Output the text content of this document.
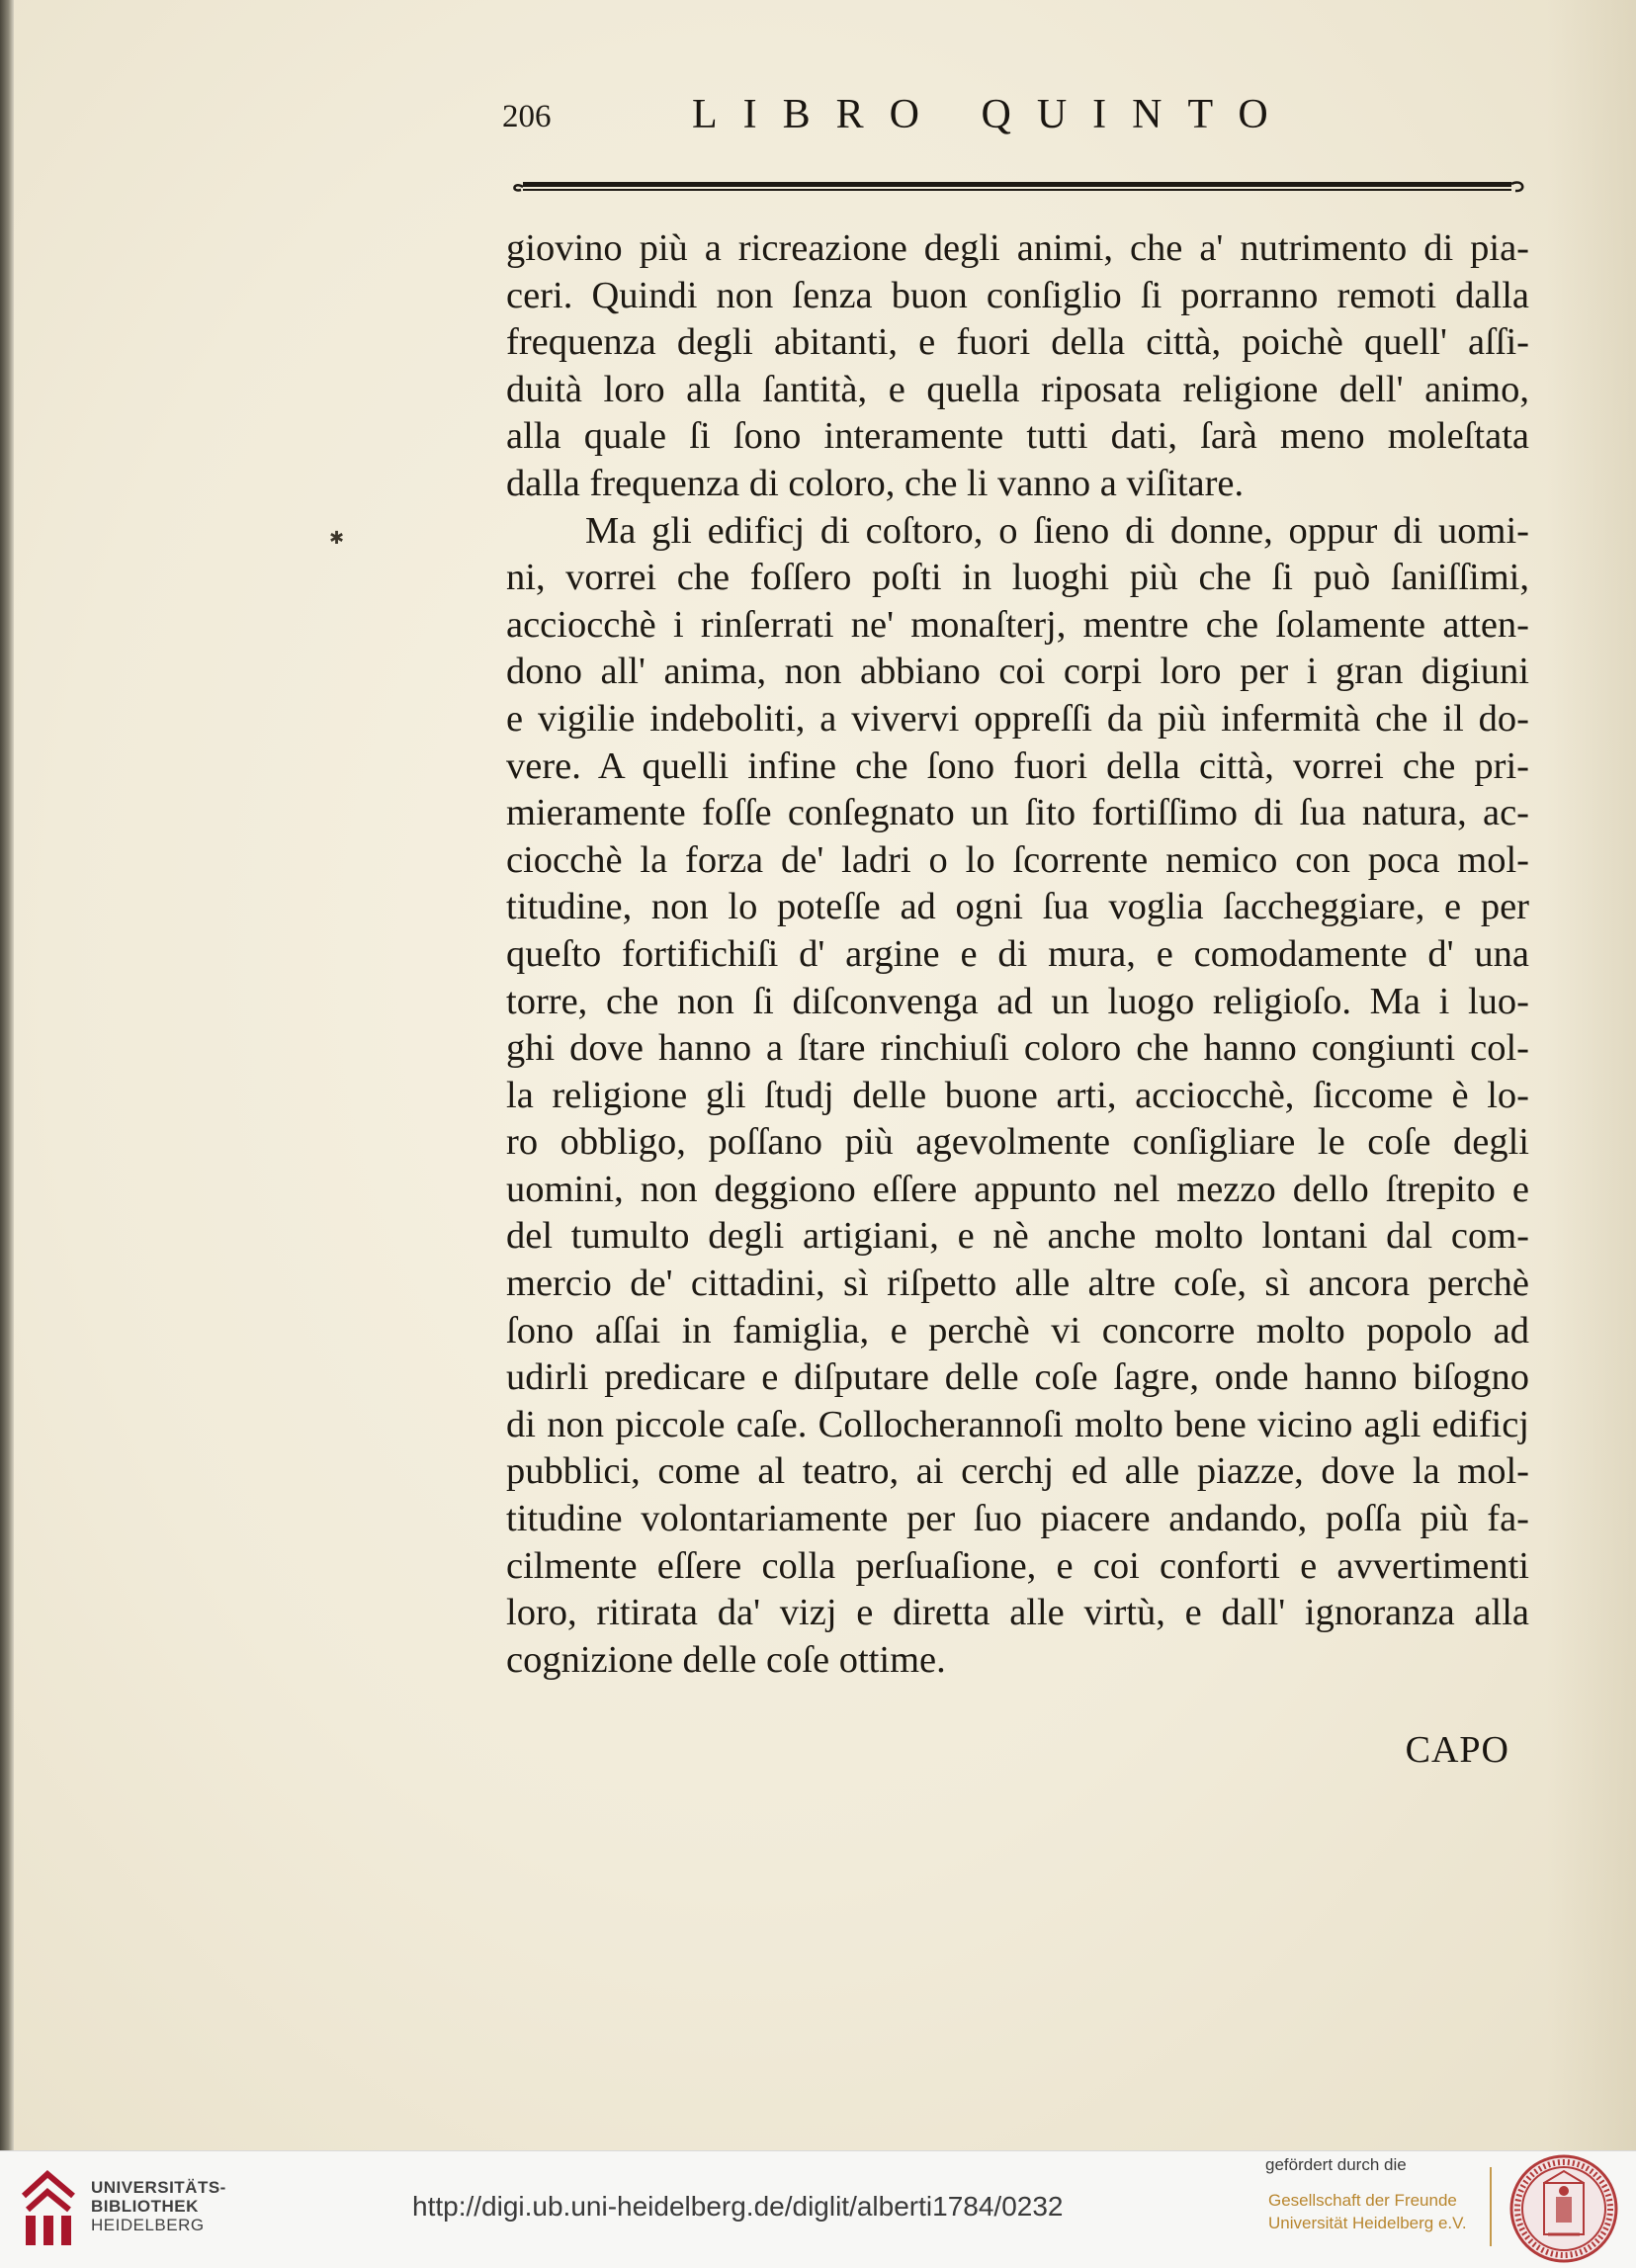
206	LIBRO QUINTO
✱
giovino più a ricreazione degli animi, che a' nutrimento di pia-
ceri. Quindi non ſenza buon conſiglio ſi porranno remoti dalla
frequenza degli abitanti, e fuori della città, poichè quell' aſſi-
duità loro alla ſantità, e quella riposata religione dell' animo,
alla quale ſi ſono interamente tutti dati, ſarà meno moleſtata
dalla frequenza di coloro, che li vanno a viſitare.
Ma gli edificj di coſtoro, o ſieno di donne, oppur di uomi-
ni, vorrei che foſſero poſti in luoghi più che ſi può ſaniſſimi,
acciocchè i rinſerrati ne' monaſterj, mentre che ſolamente atten-
dono all' anima, non abbiano coi corpi loro per i gran digiuni
e vigilie indeboliti, a vivervi oppreſſi da più infermità che il do-
vere. A quelli infine che ſono fuori della città, vorrei che pri-
mieramente foſſe conſegnato un ſito fortiſſimo di ſua natura, ac-
ciocchè la forza de' ladri o lo ſcorrente nemico con poca mol-
titudine, non lo poteſſe ad ogni ſua voglia ſaccheggiare, e per
queſto fortifichiſi d' argine e di mura, e comodamente d' una
torre, che non ſi diſconvenga ad un luogo religioſo. Ma i luo-
ghi dove hanno a ſtare rinchiuſi coloro che hanno congiunti col-
la religione gli ſtudj delle buone arti, acciocchè, ſiccome è lo-
ro obbligo, poſſano più agevolmente conſigliare le coſe degli
uomini, non deggiono eſſere appunto nel mezzo dello ſtrepito e
del tumulto degli artigiani, e nè anche molto lontani dal com-
mercio de' cittadini, sì riſpetto alle altre coſe, sì ancora perchè
ſono aſſai in famiglia, e perchè vi concorre molto popolo ad
udirli predicare e diſputare delle coſe ſagre, onde hanno biſogno
di non piccole caſe. Collocherannoſi molto bene vicino agli edificj
pubblici, come al teatro, ai cerchj ed alle piazze, dove la mol-
titudine volontariamente per ſuo piacere andando, poſſa più fa-
cilmente eſſere colla perſuaſione, e coi conforti e avvertimenti
loro, ritirata da' vizj e diretta alle virtù, e dall' ignoranza alla
cognizione delle coſe ottime.
CAPO
UNIVERSITÄTS-
BIBLIOTHEK
HEIDELBERG
http://digi.ub.uni-heidelberg.de/diglit/alberti1784/0232
gefördert durch die
Gesellschaft der Freunde
Universität Heidelberg e.V.
